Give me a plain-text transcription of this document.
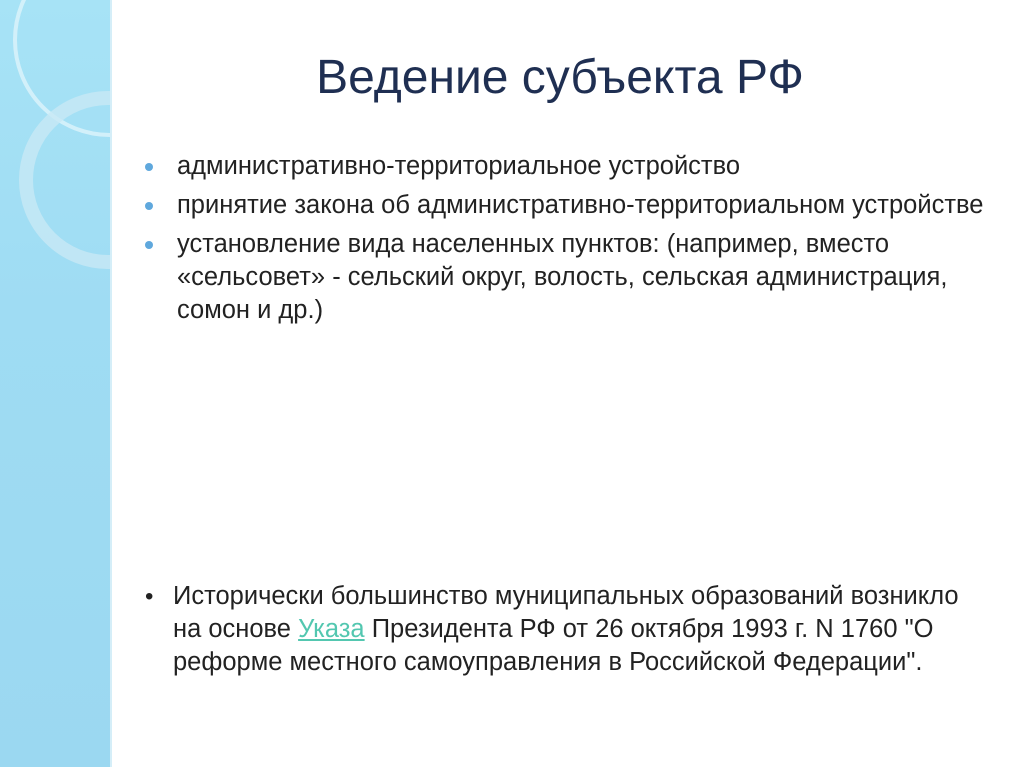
Ведение субъекта РФ
административно-территориальное устройство
принятие закона об административно-территориальном устройстве
установление вида населенных пунктов: (например, вместо «сельсовет» - сельский округ, волость, сельская администрация, сомон и др.)
• Исторически большинство муниципальных образований возникло на основе Указа Президента РФ от 26 октября 1993 г. N 1760 "О реформе местного самоуправления в Российской Федерации".
